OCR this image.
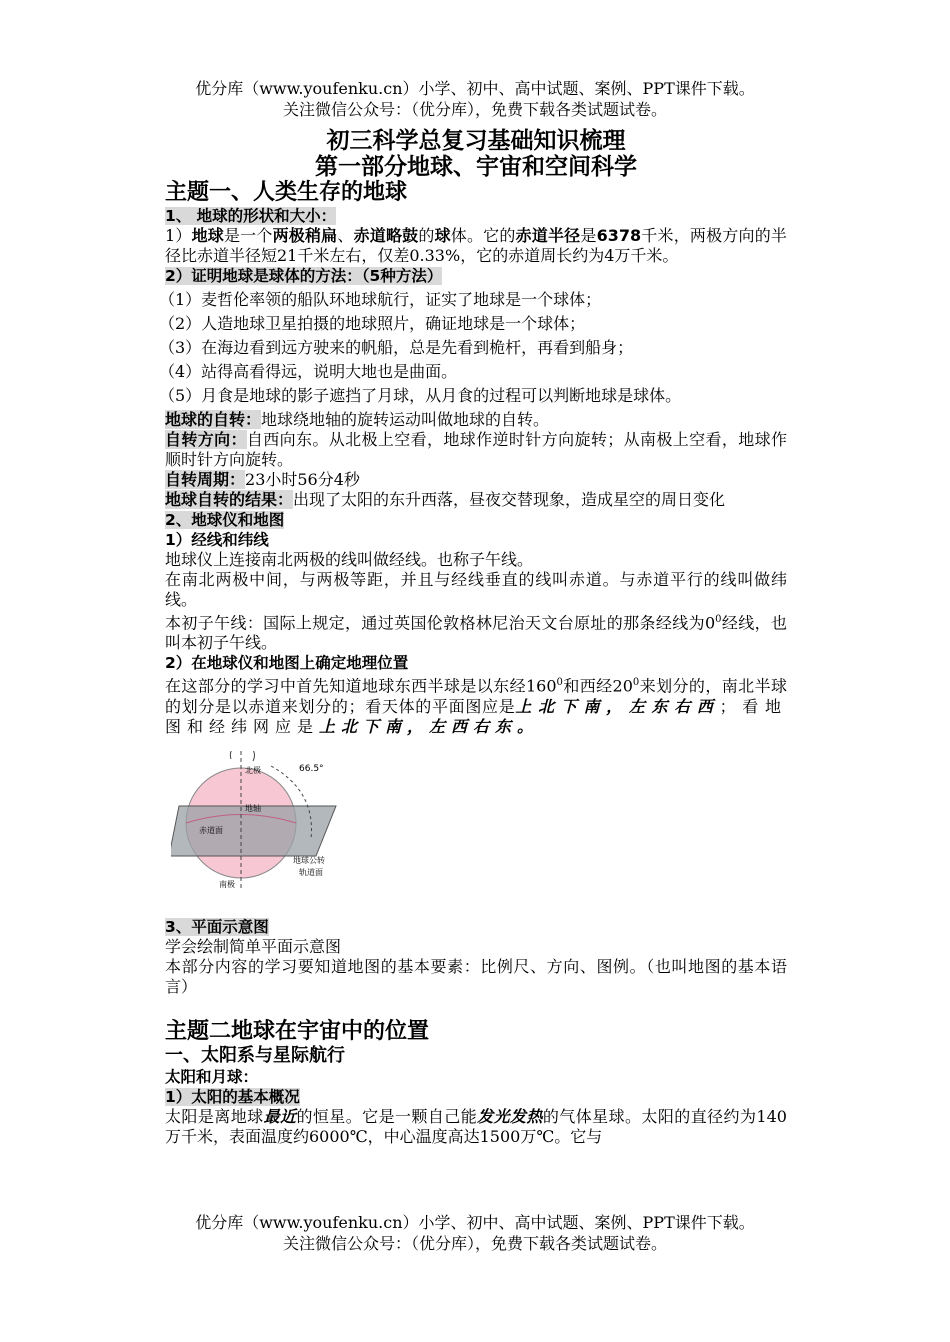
优分库（www.youfenku.cn）小学、初中、高中试题、案例、PPT课件下载。
关注微信公众号：（优分库），免费下载各类试题试卷。
初三科学总复习基础知识梳理
第一部分地球、宇宙和空间科学
主题一、人类生存的地球
1、 地球的形状和大小：
1）地球是一个两极稍扁、赤道略鼓的球体。它的赤道半径是6378千米，两极方向的半径比赤道半径短21千米左右，仅差0.33%，它的赤道周长约为4万千米。
2）证明地球是球体的方法：（5种方法）
（1）麦哲伦率领的船队环地球航行，证实了地球是一个球体；
（2）人造地球卫星拍摄的地球照片，确证地球是一个球体；
（3）在海边看到远方驶来的帆船，总是先看到桅杆，再看到船身；
（4）站得高看得远，说明大地也是曲面。
（5）月食是地球的影子遮挡了月球，从月食的过程可以判断地球是球体。
地球的自转：地球绕地轴的旋转运动叫做地球的自转。
自转方向：自西向东。从北极上空看，地球作逆时针方向旋转；从南极上空看，地球作顺时针方向旋转。
自转周期：23小时56分4秒
地球自转的结果：出现了太阳的东升西落，昼夜交替现象，造成星空的周日变化
2、地球仪和地图
1）经线和纬线
地球仪上连接南北两极的线叫做经线。也称子午线。
在南北两极中间，与两极等距，并且与经线垂直的线叫赤道。与赤道平行的线叫做纬线。
本初子午线：国际上规定，通过英国伦敦格林尼治天文台原址的那条经线为$0^0$经线，也叫本初子午线。
2）在地球仪和地图上确定地理位置
在这部分的学习中首先知道地球东西半球是以东经$160^0$和西经$20^0$来划分的，南北半球的划分是以赤道来划分的；看天体的平面图应是上北下南，左东右西；看地图和经纬网应是上北下南，左西右东。
北极
地轴
赤道面
南极
66.5°
地球公转
轨道面
3、平面示意图
学会绘制简单平面示意图
本部分内容的学习要知道地图的基本要素：比例尺、方向、图例。（也叫地图的基本语言）
主题二地球在宇宙中的位置
一、太阳系与星际航行
太阳和月球：
1）太阳的基本概况
太阳是离地球最近的恒星。它是一颗自己能发光发热的气体星球。太阳的直径约为140万千米，表面温度约6000℃，中心温度高达1500万℃。它与
优分库（www.youfenku.cn）小学、初中、高中试题、案例、PPT课件下载。
关注微信公众号：（优分库），免费下载各类试题试卷。
